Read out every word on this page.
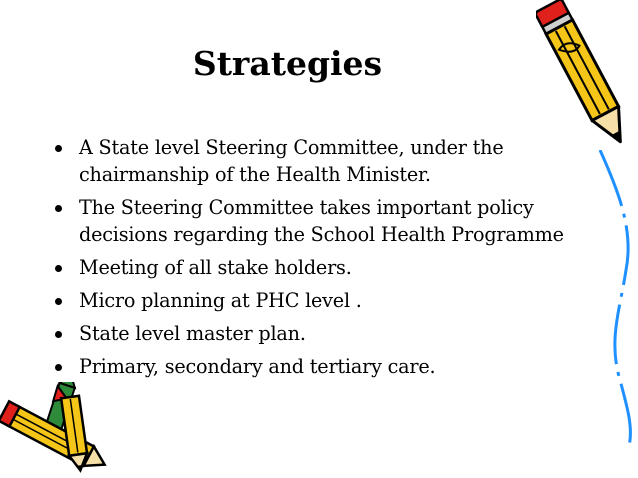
Strategies
A State level Steering Committee, under the chairmanship of the Health Minister.
The Steering Committee takes important policy decisions regarding the School Health Programme
Meeting of all stake holders.
Micro planning at PHC level .
State level master plan.
Primary, secondary and tertiary care.
